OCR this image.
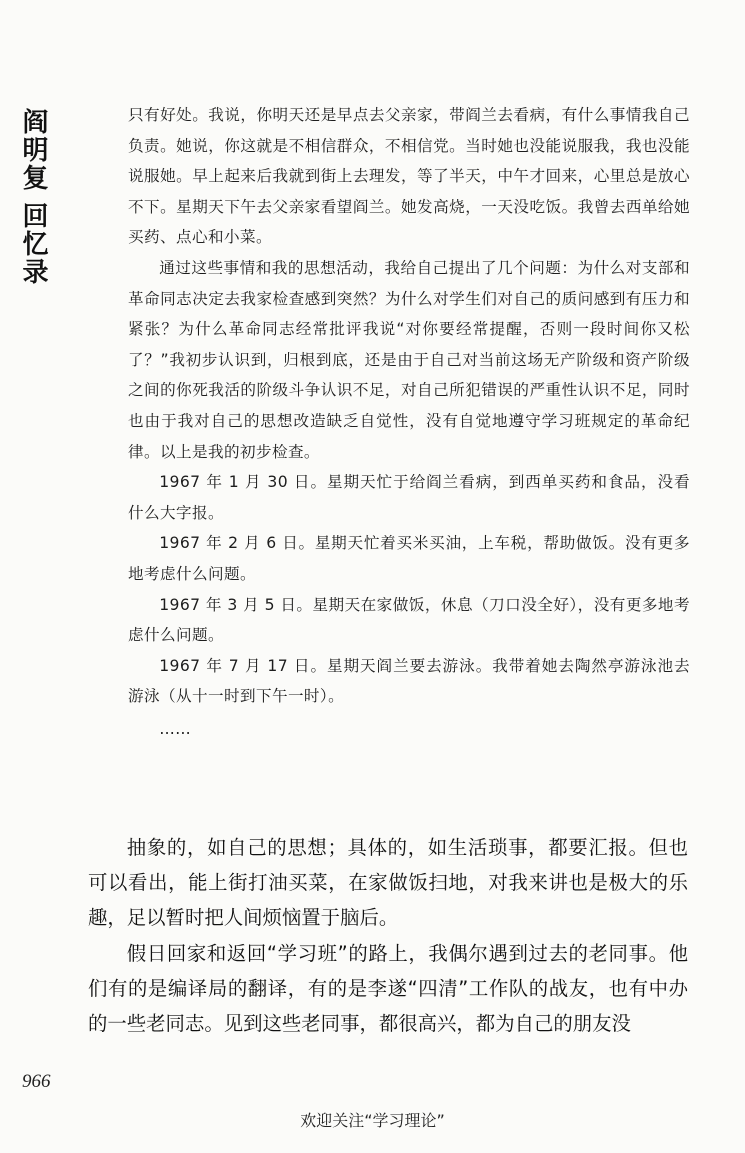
阎明复回忆录

只有好处。我说，你明天还是早点去父亲家，带阎兰去看病，有什么事情我自己负责。她说，你这就是不相信群众，不相信党。当时她也没能说服我，我也没能说服她。早上起来后我就到街上去理发，等了半天，中午才回来，心里总是放心不下。星期天下午去父亲家看望阎兰。她发高烧，一天没吃饭。我曾去西单给她买药、点心和小菜。

通过这些事情和我的思想活动，我给自己提出了几个问题：为什么对支部和革命同志决定去我家检查感到突然？为什么对学生们对自己的质问感到有压力和紧张？为什么革命同志经常批评我说“对你要经常提醒，否则一段时间你又松了？”我初步认识到，归根到底，还是由于自己对当前这场无产阶级和资产阶级之间的你死我活的阶级斗争认识不足，对自己所犯错误的严重性认识不足，同时也由于我对自己的思想改造缺乏自觉性，没有自觉地遵守学习班规定的革命纪律。以上是我的初步检查。

1967 年 1 月 30 日。星期天忙于给阎兰看病，到西单买药和食品，没看什么大字报。

1967 年 2 月 6 日。星期天忙着买米买油，上车税，帮助做饭。没有更多地考虑什么问题。

1967 年 3 月 5 日。星期天在家做饭，休息（刀口没全好），没有更多地考虑什么问题。

1967 年 7 月 17 日。星期天阎兰要去游泳。我带着她去陶然亭游泳池去游泳（从十一时到下午一时）。

……

抽象的，如自己的思想；具体的，如生活琐事，都要汇报。但也可以看出，能上街打油买菜，在家做饭扫地，对我来讲也是极大的乐趣，足以暂时把人间烦恼置于脑后。

假日回家和返回“学习班”的路上，我偶尔遇到过去的老同事。他们有的是编译局的翻译，有的是李遂“四清”工作队的战友，也有中办的一些老同志。见到这些老同事，都很高兴，都为自己的朋友没

966
欢迎关注“学习理论”
